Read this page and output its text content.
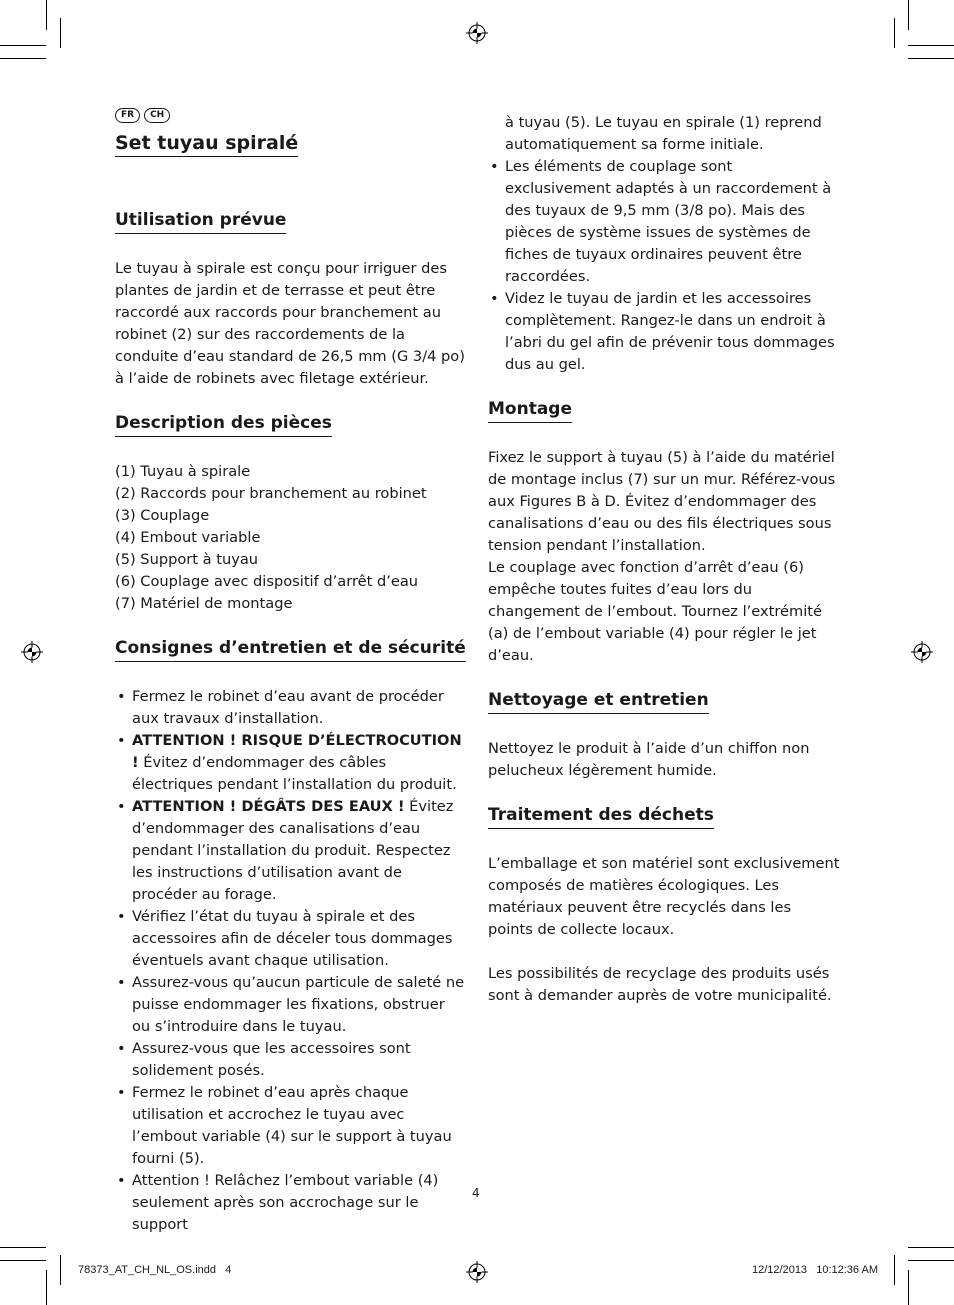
FR	CH
Set tuyau spiralé
Utilisation prévue

Le tuyau à spirale est conçu pour irriguer des plantes de jardin et de terrasse et peut être raccordé aux raccords pour branchement au robinet (2) sur des raccordements de la conduite d’eau standard de 26,5 mm (G 3/4 po) à l’aide de robinets avec filetage extérieur.

Description des pièces
(1) Tuyau à spirale
(2) Raccords pour branchement au robinet
(3) Couplage
(4) Embout variable
(5) Support à tuyau
(6) Couplage avec dispositif d’arrêt d’eau
(7) Matériel de montage
Consignes d’entretien et de sécurité
• Fermez le robinet d’eau avant de procéder aux travaux d’installation.
• ATTENTION ! RISQUE D’ÉLECTROCUTION ! Évitez d’endommager des câbles électriques pendant l’installation du produit.
• ATTENTION ! DÉGÂTS DES EAUX ! Évitez d’endommager des canalisations d’eau pendant l’installation du produit. Respectez les instructions d’utilisation avant de procéder au forage.
• Vérifiez l’état du tuyau à spirale et des accessoires afin de déceler tous dommages éventuels avant chaque utilisation.
• Assurez-vous qu’aucun particule de saleté ne puisse endommager les fixations, obstruer ou s’introduire dans le tuyau.
• Assurez-vous que les accessoires sont solidement posés.
• Fermez le robinet d’eau après chaque utilisation et accrochez le tuyau avec l’embout variable (4) sur le support à tuyau fourni (5).
• Attention ! Relâchez l’embout variable (4) seulement après son accrochage sur le support

à tuyau (5). Le tuyau en spirale (1) reprend automatiquement sa forme initiale.

• Les éléments de couplage sont exclusivement adaptés à un raccordement à des tuyaux de 9,5 mm (3/8 po). Mais des pièces de système issues de systèmes de fiches de tuyaux ordinaires peuvent être raccordées.
• Videz le tuyau de jardin et les accessoires complètement. Rangez-le dans un endroit à l’abri du gel afin de prévenir tous dommages dus au gel.
Montage

Fixez le support à tuyau (5) à l’aide du matériel de montage inclus (7) sur un mur. Référez-vous aux Figures B à D. Évitez d’endommager des canalisations d’eau ou des fils électriques sous tension pendant l’installation.

Le couplage avec fonction d’arrêt d’eau (6) empêche toutes fuites d’eau lors du changement de l’embout. Tournez l’extrémité (a) de l’embout variable (4) pour régler le jet d’eau.

Nettoyage et entretien

Nettoyez le produit à l’aide d’un chiffon non pelucheux légèrement humide.

Traitement des déchets

L’emballage et son matériel sont exclusivement composés de matières écologiques. Les matériaux peuvent être recyclés dans les points de collecte locaux.

Les possibilités de recyclage des produits usés sont à demander auprès de votre municipalité.

4
78373_AT_CH_NL_OS.indd   4	12/12/2013   10:12:36 AM
